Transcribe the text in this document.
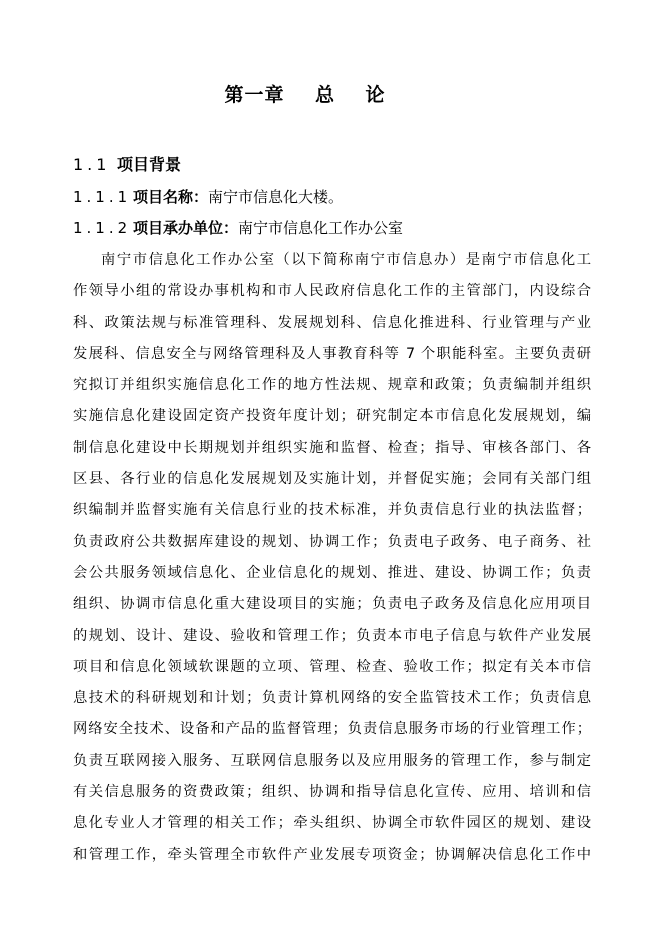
第一章    总    论
1.1 项目背景
1.1.1 项目名称：南宁市信息化大楼。
1.1.2 项目承办单位：南宁市信息化工作办公室
南宁市信息化工作办公室（以下简称南宁市信息办）是南宁市信息化工
作领导小组的常设办事机构和市人民政府信息化工作的主管部门，内设综合
科、政策法规与标准管理科、发展规划科、信息化推进科、行业管理与产业
发展科、信息安全与网络管理科及人事教育科等 7 个职能科室。主要负责研
究拟订并组织实施信息化工作的地方性法规、规章和政策；负责编制并组织
实施信息化建设固定资产投资年度计划；研究制定本市信息化发展规划，编
制信息化建设中长期规划并组织实施和监督、检查；指导、审核各部门、各
区县、各行业的信息化发展规划及实施计划，并督促实施；会同有关部门组
织编制并监督实施有关信息行业的技术标准，并负责信息行业的执法监督；
负责政府公共数据库建设的规划、协调工作；负责电子政务、电子商务、社
会公共服务领域信息化、企业信息化的规划、推进、建设、协调工作；负责
组织、协调市信息化重大建设项目的实施；负责电子政务及信息化应用项目
的规划、设计、建设、验收和管理工作；负责本市电子信息与软件产业发展
项目和信息化领域软课题的立项、管理、检查、验收工作；拟定有关本市信
息技术的科研规划和计划；负责计算机网络的安全监管技术工作；负责信息
网络安全技术、设备和产品的监督管理；负责信息服务市场的行业管理工作；
负责互联网接入服务、互联网信息服务以及应用服务的管理工作，参与制定
有关信息服务的资费政策；组织、协调和指导信息化宣传、应用、培训和信
息化专业人才管理的相关工作；牵头组织、协调全市软件园区的规划、建设
和管理工作，牵头管理全市软件产业发展专项资金；协调解决信息化工作中
